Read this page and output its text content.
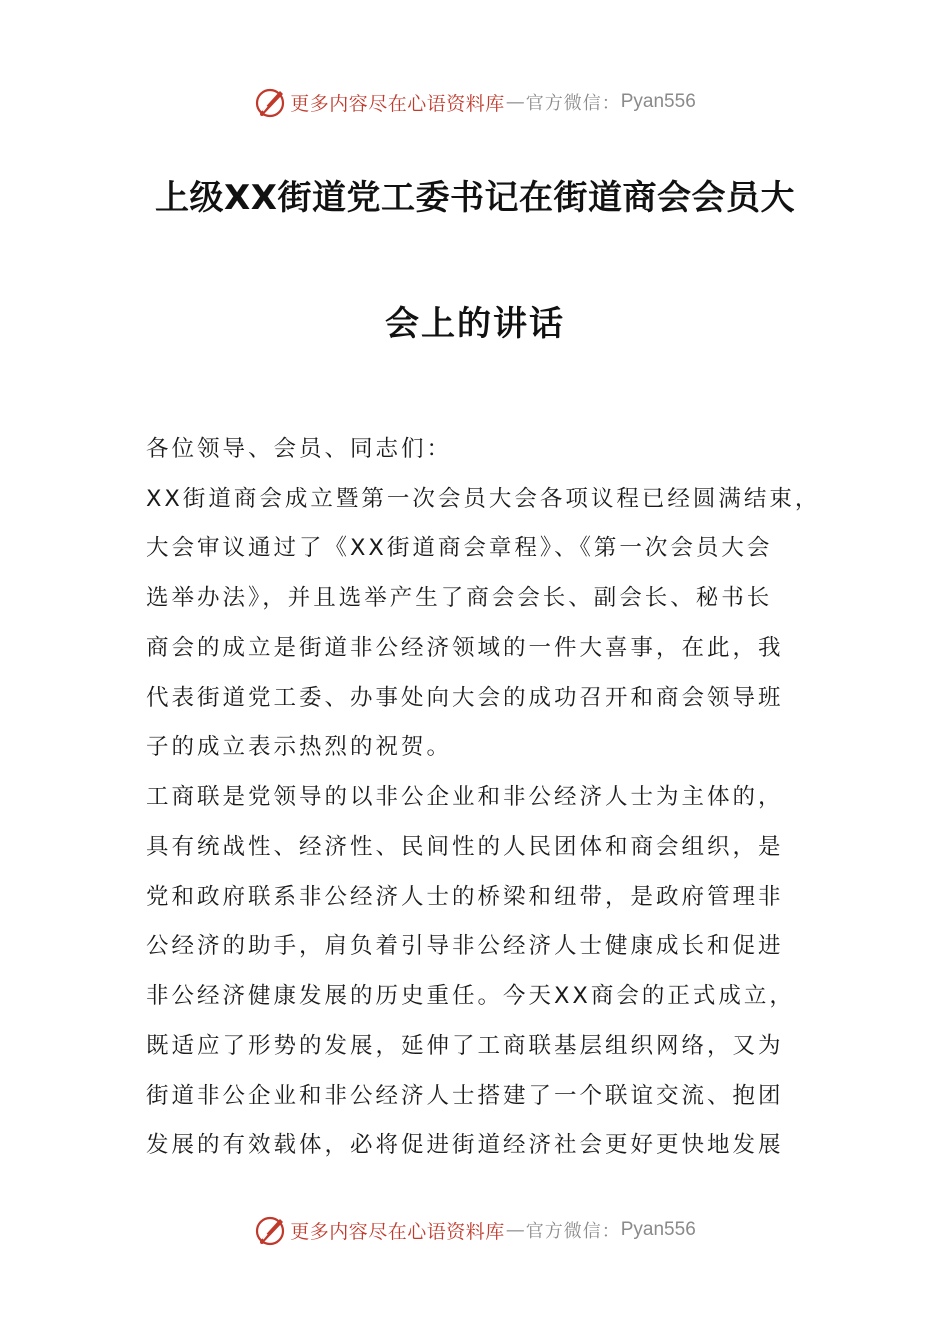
更多内容尽在心语资料库 — 官方微信： Pyan556
上级XX街道党工委书记在街道商会会员大
会上的讲话
各位领导、会员、同志们：
XX街道商会成立暨第一次会员大会各项议程已经圆满结束，
大会审议通过了《XX街道商会章程》、《第一次会员大会
选举办法》，并且选举产生了商会会长、副会长、秘书长
商会的成立是街道非公经济领域的一件大喜事，在此，我
代表街道党工委、办事处向大会的成功召开和商会领导班
子的成立表示热烈的祝贺。
工商联是党领导的以非公企业和非公经济人士为主体的，
具有统战性、经济性、民间性的人民团体和商会组织，是
党和政府联系非公经济人士的桥梁和纽带，是政府管理非
公经济的助手，肩负着引导非公经济人士健康成长和促进
非公经济健康发展的历史重任。今天XX商会的正式成立，
既适应了形势的发展，延伸了工商联基层组织网络，又为
街道非公企业和非公经济人士搭建了一个联谊交流、抱团
发展的有效载体，必将促进街道经济社会更好更快地发展
更多内容尽在心语资料库 — 官方微信： Pyan556
